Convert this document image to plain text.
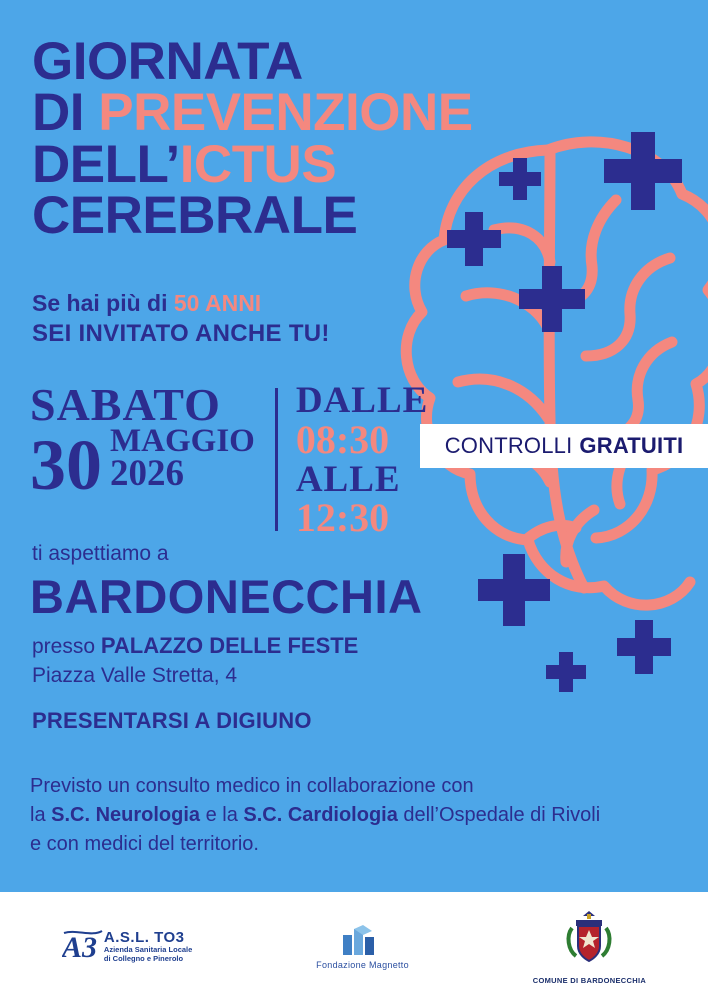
GIORNATA
DI PREVENZIONE
DELL’ICTUS
CEREBRALE
Se hai più di 50 ANNI
SEI INVITATO ANCHE TU!
SABATO
30 MAGGIO
2026
DALLE
08:30
ALLE
12:30
CONTROLLI GRATUITI
ti aspettiamo a
BARDONECCHIA
presso PALAZZO DELLE FESTE
Piazza Valle Stretta, 4
PRESENTARSI A DIGIUNO
Previsto un consulto medico in collaborazione con
la S.C. Neurologia e la S.C. Cardiologia dell’Ospedale di Rivoli
e con medici del territorio.
A3 A.S.L. TO3
Azienda Sanitaria Locale
di Collegno e Pinerolo
Fondazione Magnetto
COMUNE DI BARDONECCHIA
